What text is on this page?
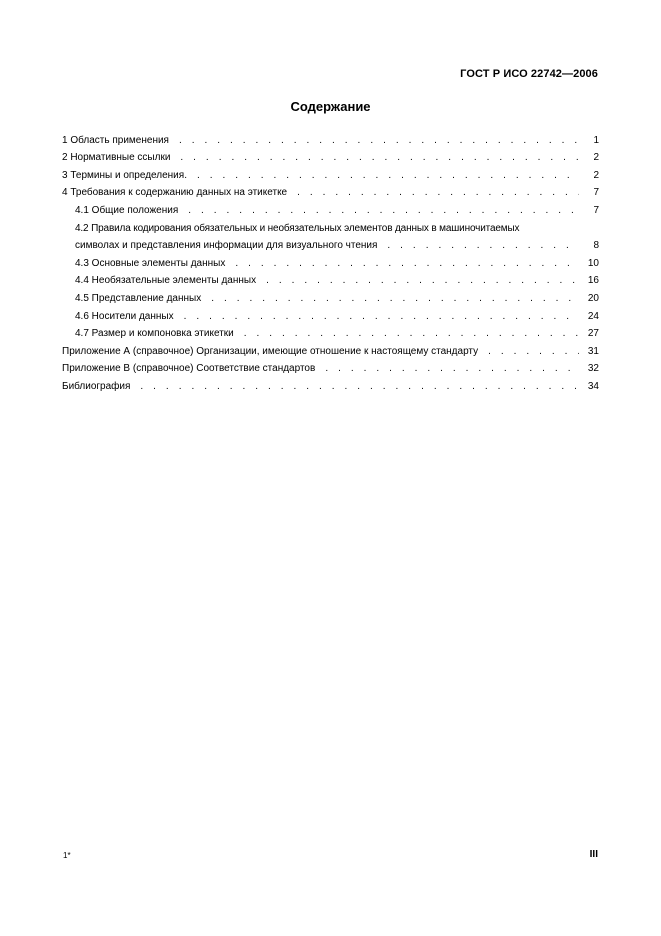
ГОСТ Р ИСО 22742—2006
Содержание
1 Область применения . . .	1
2 Нормативные ссылки . . .	2
3 Термины и определения. . . .	2
4 Требования к содержанию данных на этикетке . . .	7
4.1 Общие положения . . .	7
4.2 Правила кодирования обязательных и необязательных элементов данных в машиночитаемых
символах и представления информации для визуального чтения . . .	8
4.3 Основные элементы данных . . .	10
4.4 Необязательные элементы данных . . .	16
4.5 Представление данных . . .	20
4.6 Носители данных . . .	24
4.7 Размер и компоновка этикетки . . .	27
Приложение А (справочное) Организации, имеющие отношение к настоящему стандарту . . .	31
Приложение В (справочное) Соответствие стандартов . . .	32
Библиография . . .	34
1*	III
